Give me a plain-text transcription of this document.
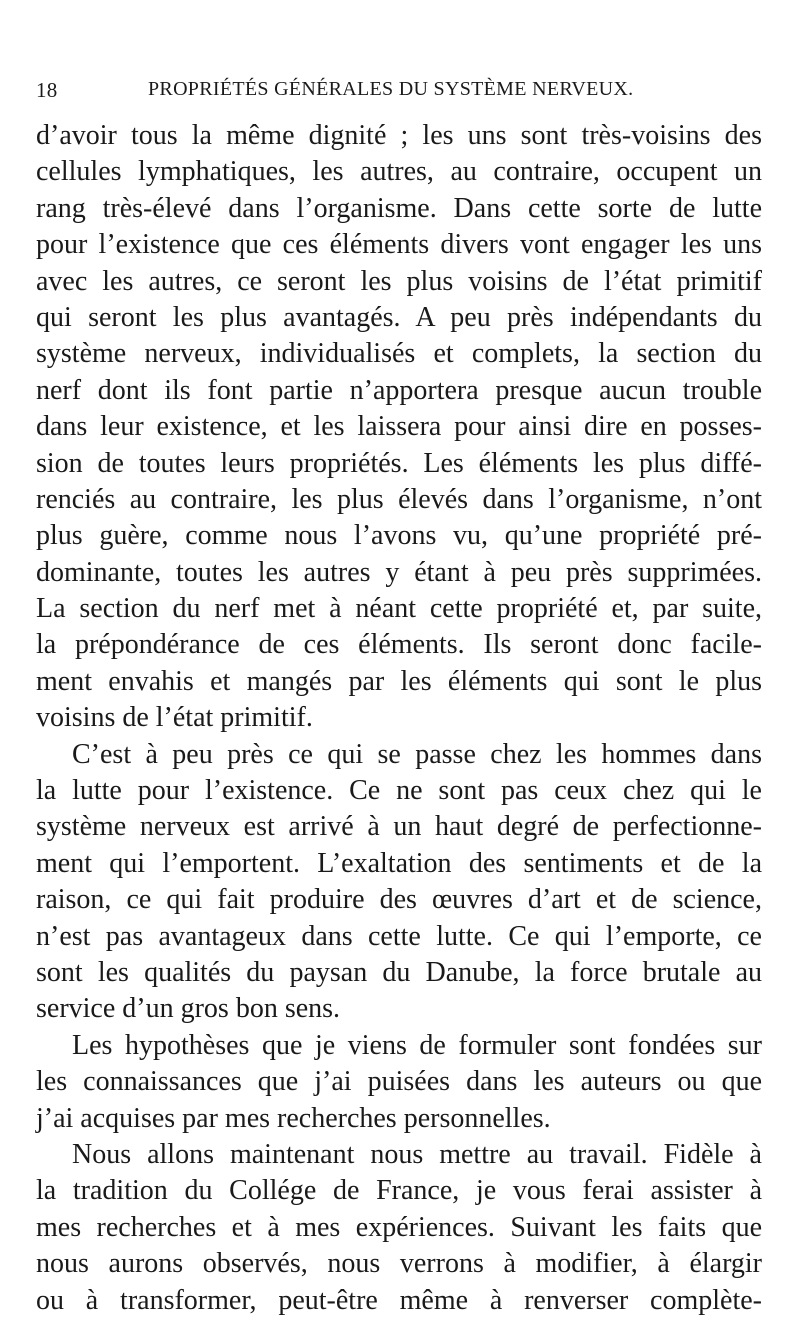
18	PROPRIÉTÉS GÉNÉRALES DU SYSTÈME NERVEUX.
d’avoir tous la même dignité ; les uns sont très-voisins des
cellules lymphatiques, les autres, au contraire, occupent un
rang très-élevé dans l’organisme. Dans cette sorte de lutte
pour l’existence que ces éléments divers vont engager les uns
avec les autres, ce seront les plus voisins de l’état primitif
qui seront les plus avantagés. A peu près indépendants du
système nerveux, individualisés et complets, la section du
nerf dont ils font partie n’apportera presque aucun trouble
dans leur existence, et les laissera pour ainsi dire en posses-
sion de toutes leurs propriétés. Les éléments les plus diffé-
renciés au contraire, les plus élevés dans l’organisme, n’ont
plus guère, comme nous l’avons vu, qu’une propriété pré-
dominante, toutes les autres y étant à peu près supprimées.
La section du nerf met à néant cette propriété et, par suite,
la prépondérance de ces éléments. Ils seront donc facile-
ment envahis et mangés par les éléments qui sont le plus
voisins de l’état primitif.
C’est à peu près ce qui se passe chez les hommes dans
la lutte pour l’existence. Ce ne sont pas ceux chez qui le
système nerveux est arrivé à un haut degré de perfectionne-
ment qui l’emportent. L’exaltation des sentiments et de la
raison, ce qui fait produire des œuvres d’art et de science,
n’est pas avantageux dans cette lutte. Ce qui l’emporte, ce
sont les qualités du paysan du Danube, la force brutale au
service d’un gros bon sens.
Les hypothèses que je viens de formuler sont fondées sur
les connaissances que j’ai puisées dans les auteurs ou que
j’ai acquises par mes recherches personnelles.
Nous allons maintenant nous mettre au travail. Fidèle à
la tradition du Collége de France, je vous ferai assister à
mes recherches et à mes expériences. Suivant les faits que
nous aurons observés, nous verrons à modifier, à élargir
ou à transformer, peut-être même à renverser complète-
